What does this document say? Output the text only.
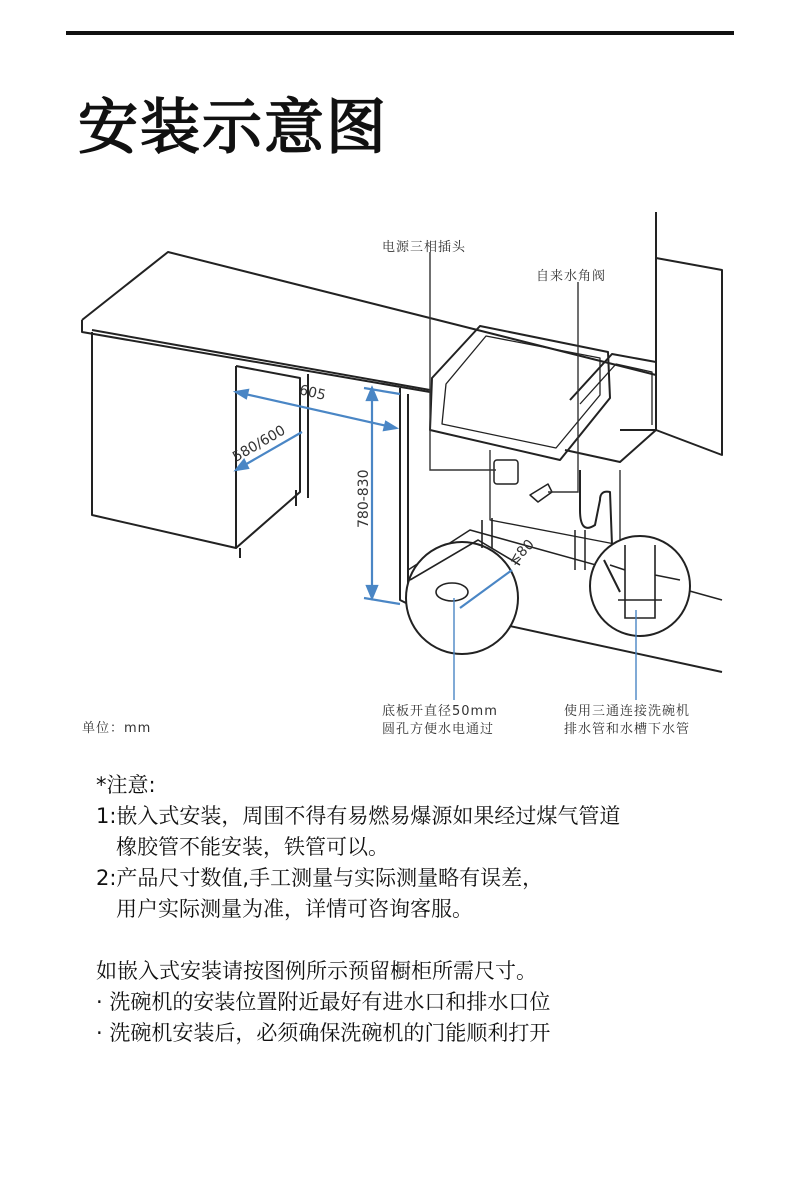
安装示意图
605
580/600
780-830
≤80
电源三相插头
自来水角阀
单位：mm
底板开直径50mm
圆孔方便水电通过
使用三通连接洗碗机
排水管和水槽下水管
*注意:
1:嵌入式安装，周围不得有易燃易爆源如果经过煤气管道
橡胶管不能安装，铁管可以。
2:产品尺寸数值,手工测量与实际测量略有误差，
用户实际测量为准，详情可咨询客服。
如嵌入式安装请按图例所示预留橱柜所需尺寸。
· 洗碗机的安装位置附近最好有进水口和排水口位
· 洗碗机安装后，必须确保洗碗机的门能顺利打开
